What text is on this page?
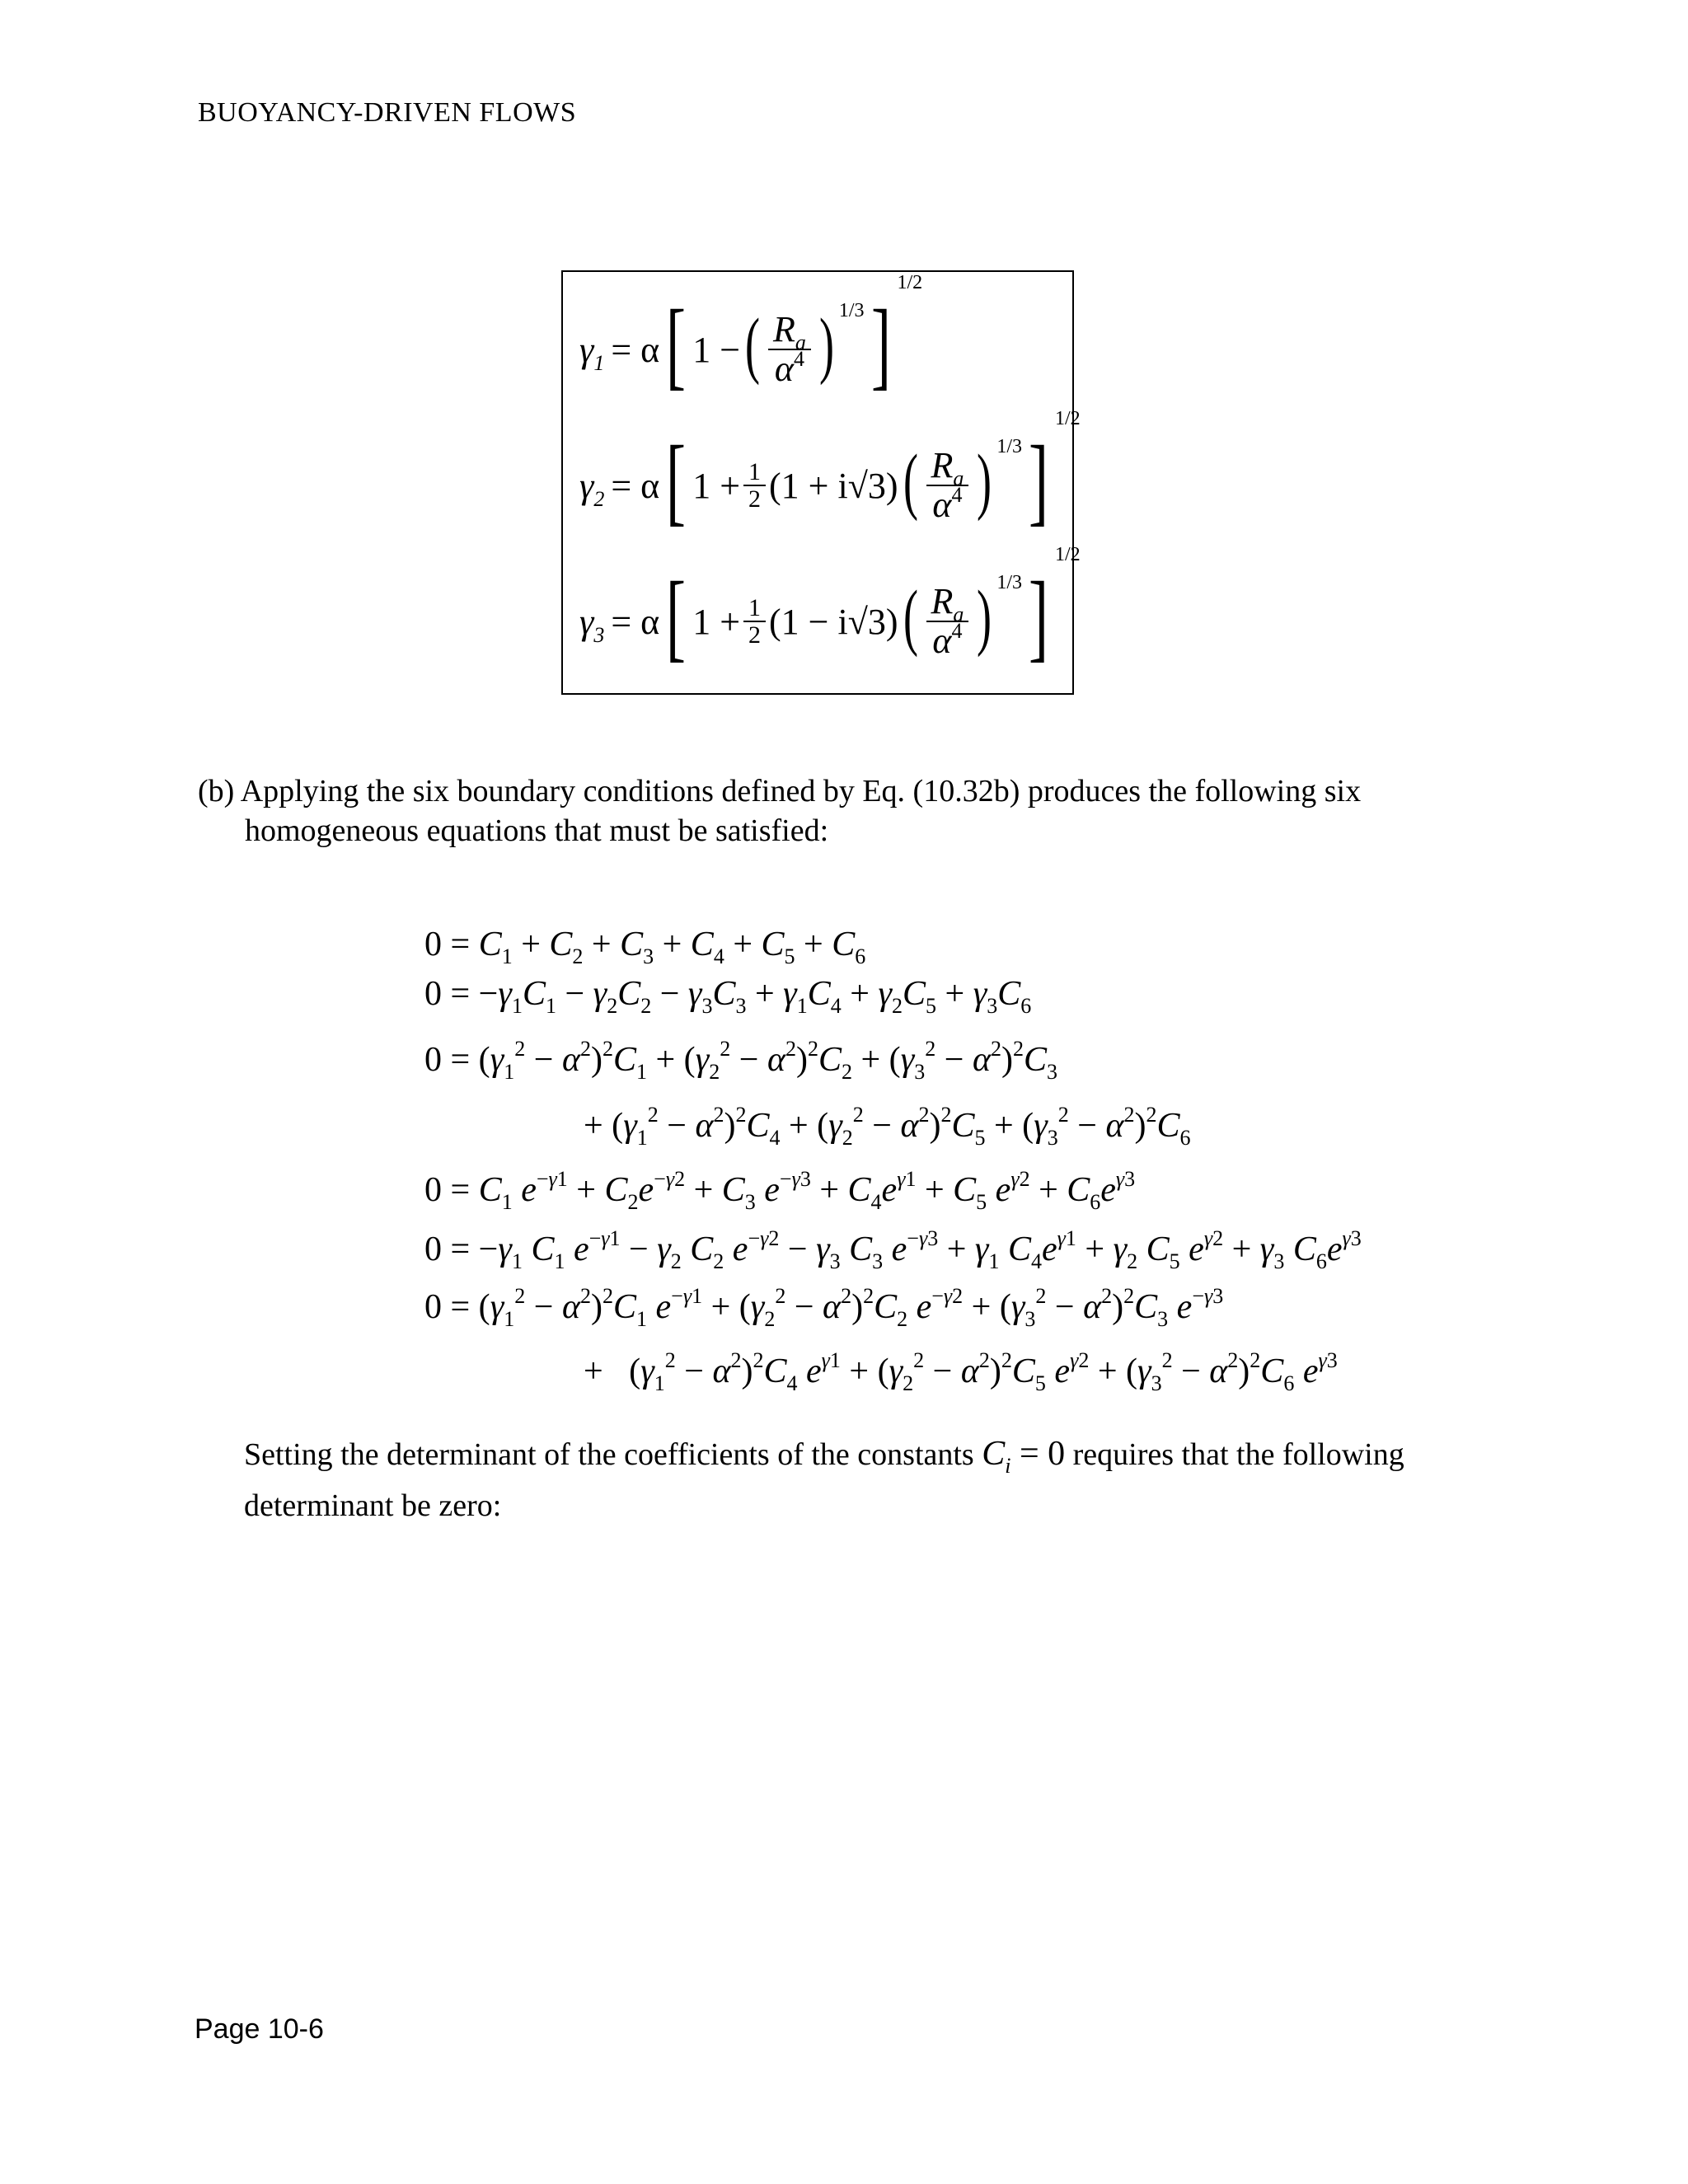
BUOYANCY-DRIVEN FLOWS
$\gamma_1 = \alpha$ [ 1 − ( $\frac{R_a}{\alpha^4}$ ) 1/3 ]
1/2
$\gamma_2 = \alpha$ [ $1 + \frac{1}{2} (1 + i√3)$ ( $\frac{R_a}{\alpha^4}$ ) 1/3 ]
1/2
$\gamma_3 = \alpha$ [ $1 + \frac{1}{2} (1 - i√3)$ ( $\frac{R_a}{\alpha^4}$ ) 1/3 ]
1/2
(b) Applying the six boundary conditions defined by Eq. (10.32b) produces the following six
homogeneous equations that must be satisfied:
$0 = C_1 + C_2 + C_3 + C_4 + C_5 + C_6$
$0 = -\gamma_1C_1 - \gamma_2C_2 - \gamma_3C_3 + \gamma_1C_4 + \gamma_2C_5 + \gamma_3C_6$
$0 = (\gamma_1^2 - \alpha^2)^2C_1 + (\gamma_2^2 - \alpha^2)^2C_2 + (\gamma_3^2 - \alpha^2)^2C_3$
+ $(\gamma_1^2 - \alpha^2)^2C_4 + (\gamma_2^2 - \alpha^2)^2C_5 + (\gamma_3^2 - \alpha^2)^2C_6$
$0 = C_1$ $e^{-\gamma 1} + C_2e^{-\gamma 2} + C_3$ $e^{-\gamma 3} + C_4e^{\gamma 1} + C_5$ $e^{\gamma 2} + C_6e^{\gamma 3}$
$0 = -\gamma_1$ $C_1$ $e^{-\gamma 1} - \gamma_2$ $C_2$ $e^{-\gamma 2} - \gamma_3$ $C_3$ $e^{-\gamma 3} + \gamma_1$ $C_4e^{\gamma 1} + \gamma_2$ $C_5$ $e^{\gamma 2} + \gamma_3$ $C_6e^{\gamma 3}$
$0 = (\gamma_1^2 - \alpha^2)^2C_1$ $e^{-\gamma 1} + (\gamma_2^2 - \alpha^2)^2C_2$ $e^{-\gamma 2} + (\gamma_3^2 - \alpha^2)^2C_3$ $e^{-\gamma 3}$
+   $(\gamma_1^2 - \alpha^2)^2C_4$ $e^{\gamma 1} + (\gamma_2^2 - \alpha^2)^2C_5$ $e^{\gamma 2} + (\gamma_3^2 - \alpha^2)^2C_6$ $e^{\gamma 3}$
Setting the determinant of the coefficients of the constants $C_i = 0$ requires that the following
determinant be zero:
Page 10-6
